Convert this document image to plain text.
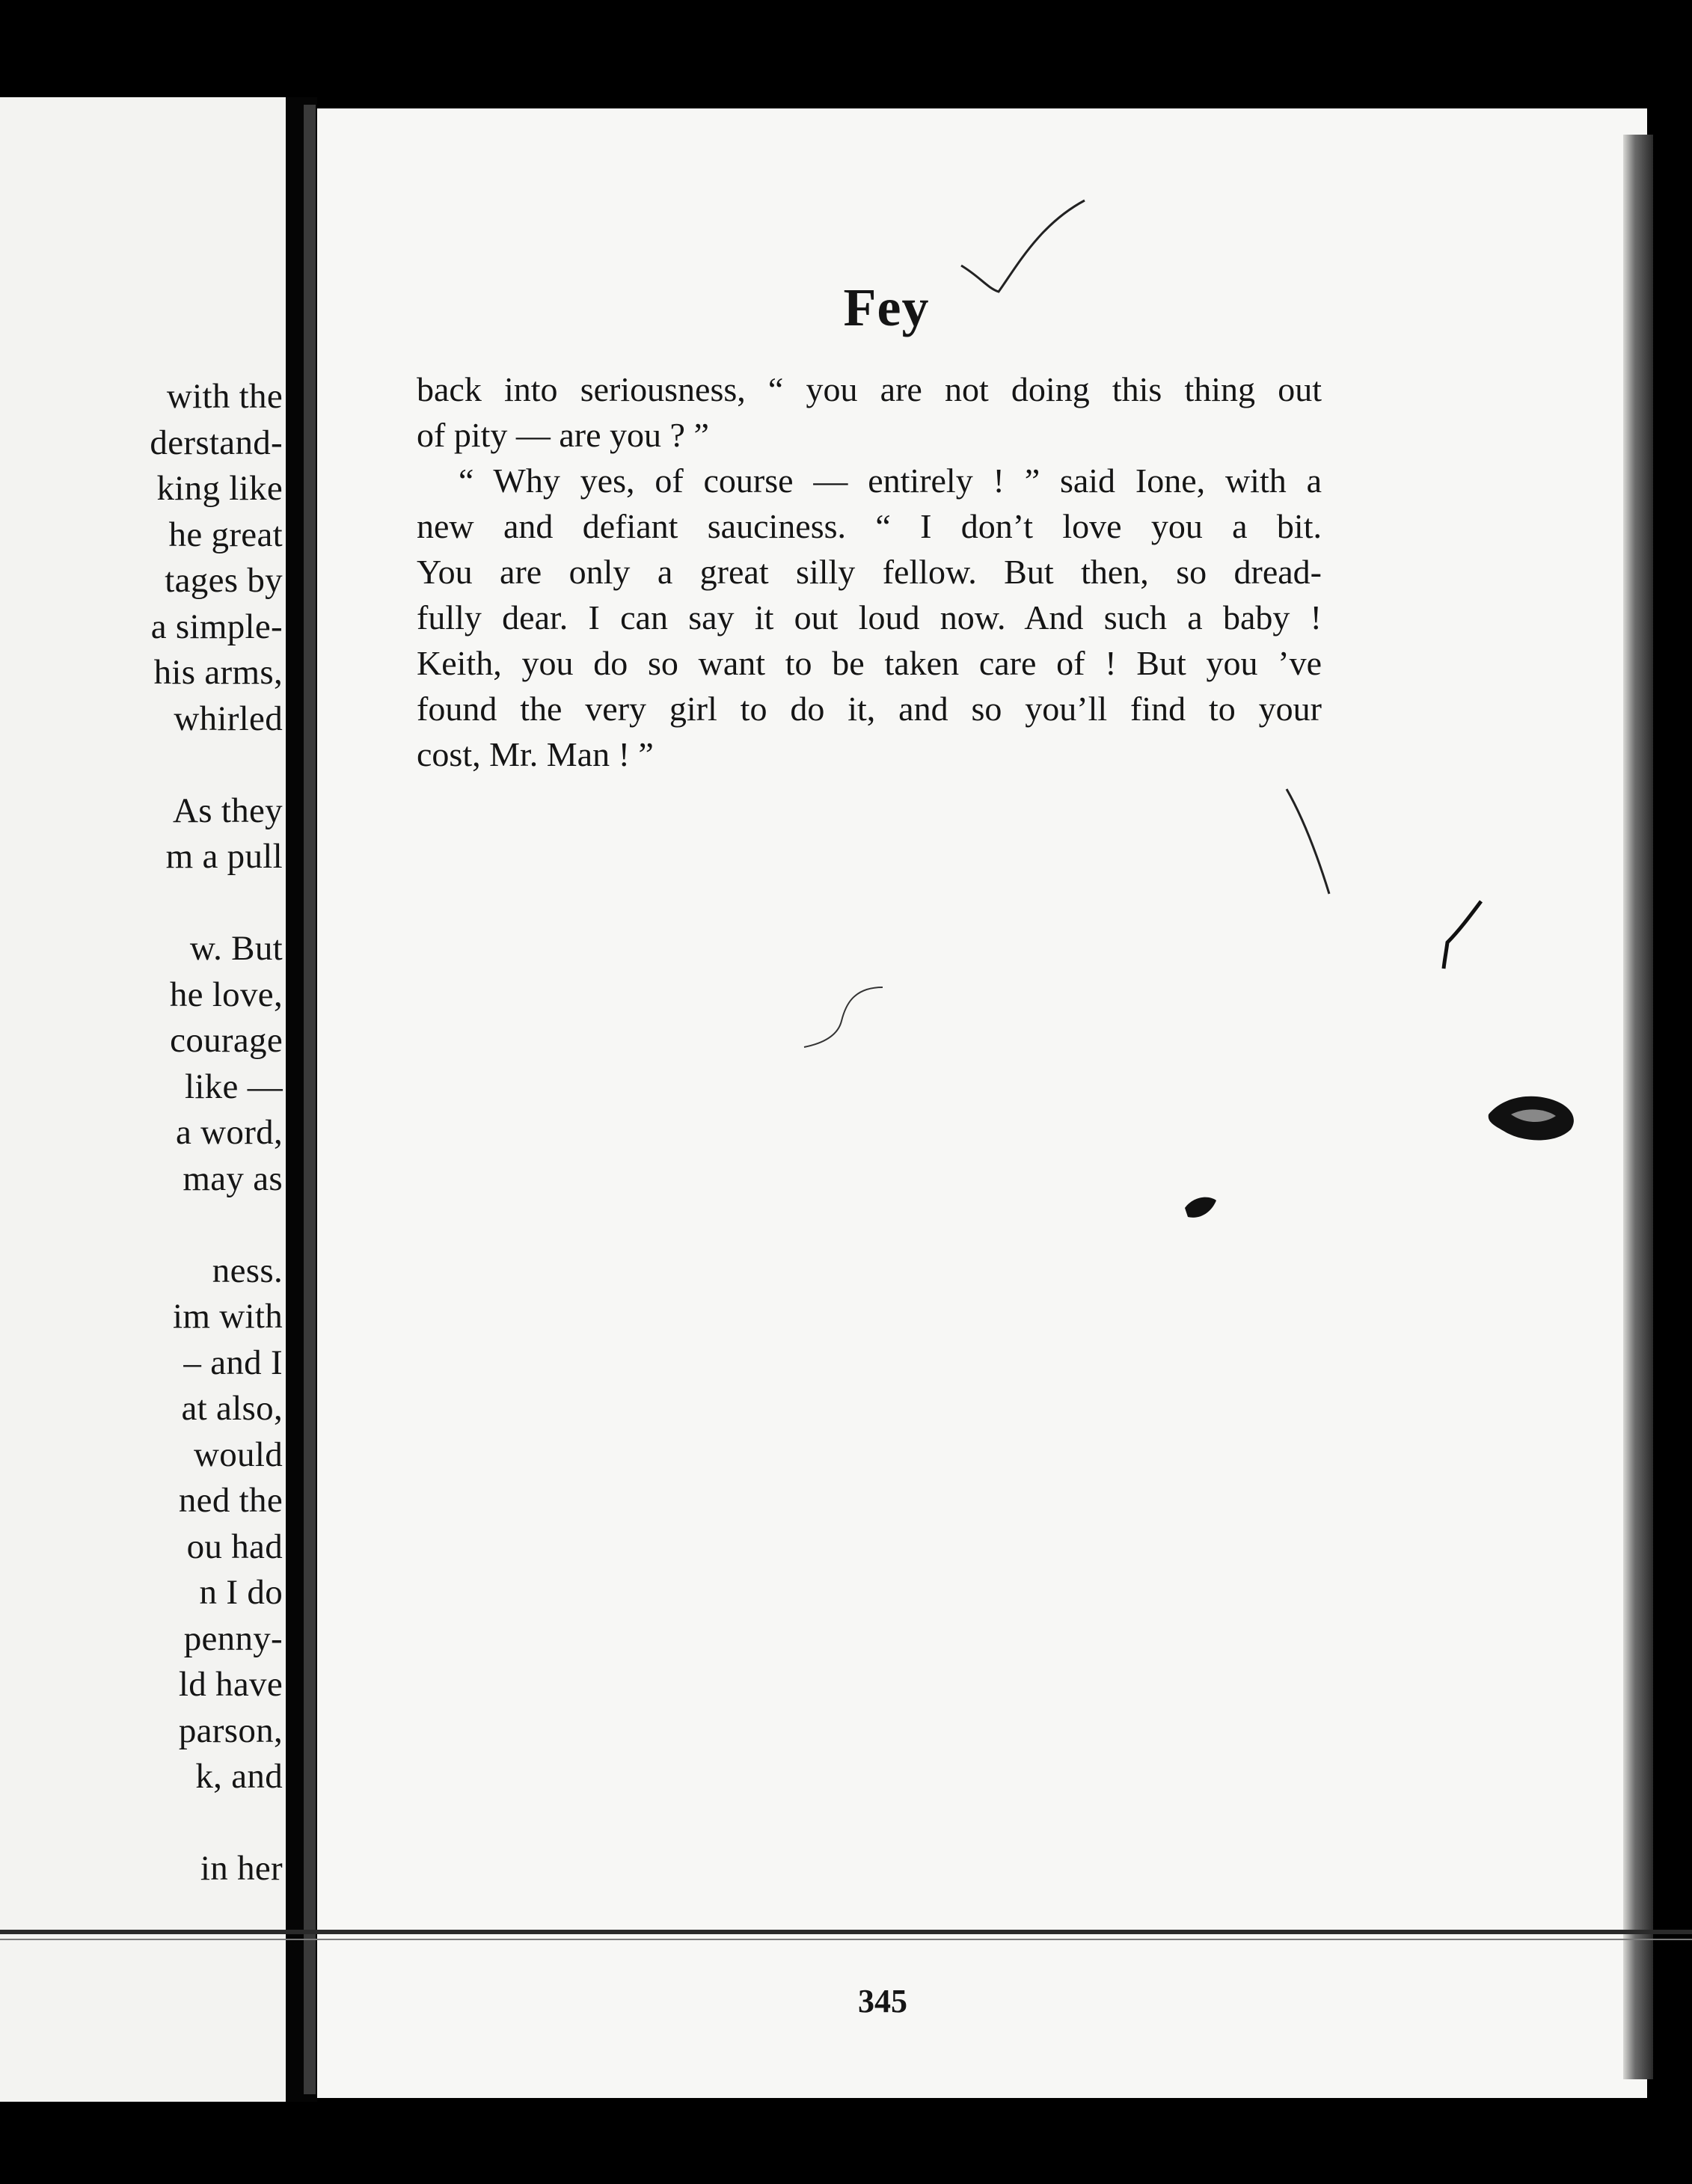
with the
derstand-
king like
he great
tages by
a simple-
his arms,
whirled
As they
m a pull
w. But
he love,
courage
like —
a word,
may as
ness.
im with
– and I
at also,
would
ned the
ou had
n I do
penny-
ld have
parson,
k, and
in her
Fey
back into seriousness, “ you are not doing this thing out
of pity — are you ? ”
“ Why yes, of course — entirely ! ” said Ione, with a
new and defiant sauciness. “ I don’t love you a bit.
You are only a great silly fellow. But then, so dread-
fully dear. I can say it out loud now. And such a baby !
Keith, you do so want to be taken care of ! But you ’ve
found the very girl to do it, and so you’ll find to your
cost, Mr. Man ! ”
345
